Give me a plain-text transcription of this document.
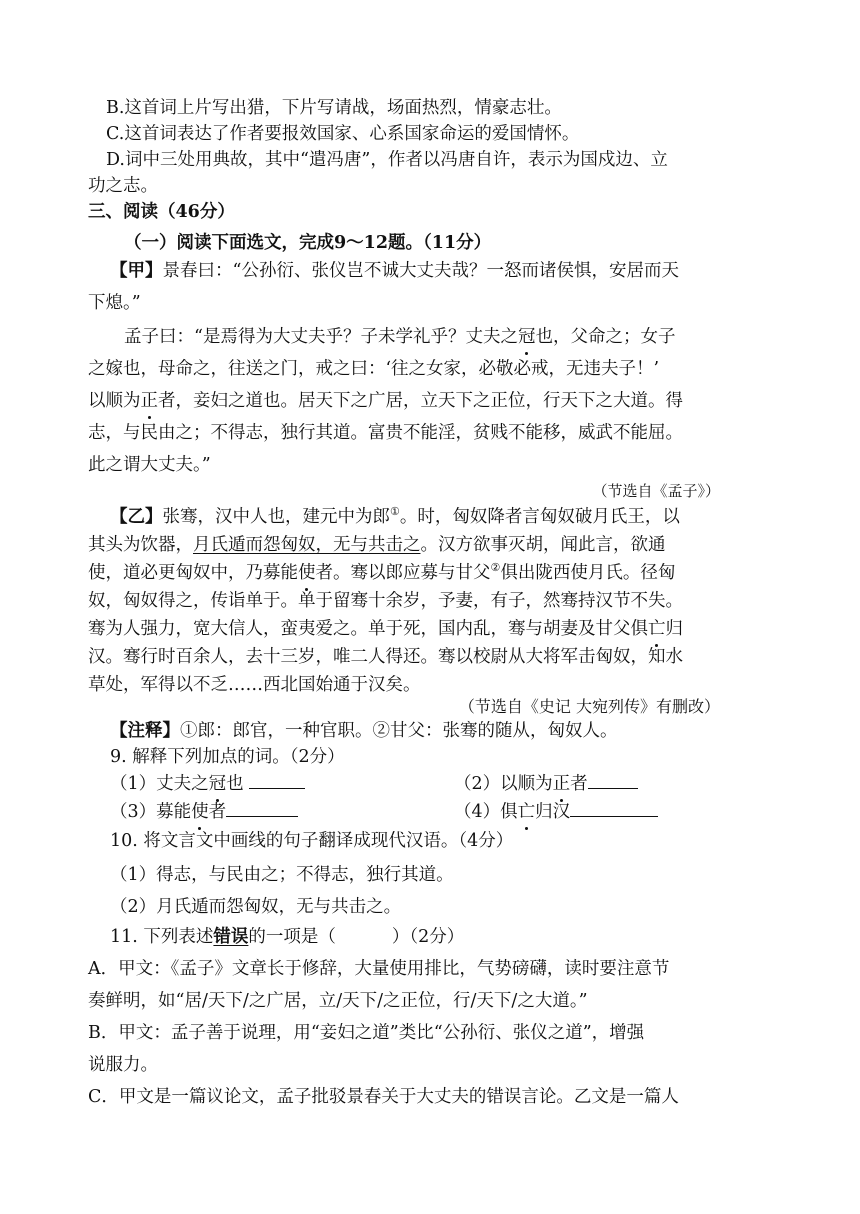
B.这首词上片写出猎，下片写请战，场面热烈，情豪志壮。
C.这首词表达了作者要报效国家、心系国家命运的爱国情怀。
D.词中三处用典故，其中“遣冯唐”，作者以冯唐自许，表示为国戍边、立
功之志。
三、阅读（46分）
（一）阅读下面选文，完成9～12题。（11分）
【甲】景春曰：“公孙衍、张仪岂不诚大丈夫哉？一怒而诸侯惧，安居而天
下熄。”
孟子曰：“是焉得为大丈夫乎？子未学礼乎？丈夫之冠也，父命之；女子
之嫁也，母命之，往送之门，戒之曰：‘往之女家，必敬必戒，无违夫子！’
以顺为正者，妾妇之道也。居天下之广居，立天下之正位，行天下之大道。得
志，与民由之；不得志，独行其道。富贵不能淫，贫贱不能移，威武不能屈。
此之谓大丈夫。”
（节选自《孟子》）
【乙】张骞，汉中人也，建元中为郎①。时，匈奴降者言匈奴破月氏王，以
其头为饮器，月氏遁而怨匈奴，无与共击之。汉方欲事灭胡，闻此言，欲通
使，道必更匈奴中，乃募能使者。骞以郎应募与甘父②俱出陇西使月氏。径匈
奴，匈奴得之，传诣单于。单于留骞十余岁，予妻，有子，然骞持汉节不失。
骞为人强力，宽大信人，蛮夷爱之。单于死，国内乱，骞与胡妻及甘父俱亡归
汉。骞行时百余人，去十三岁，唯二人得还。骞以校尉从大将军击匈奴，知水
草处，军得以不乏……西北国始通于汉矣。
（节选自《史记 大宛列传》有删改）
【注释】①郎：郎官，一种官职。②甘父：张骞的随从，匈奴人。
9. 解释下列加点的词。（2分）
（1）丈夫之冠也	（2）以顺为正者
（3）募能使者	（4）俱亡归汉
10. 将文言文中画线的句子翻译成现代汉语。（4分）
（1）得志，与民由之；不得志，独行其道。
（2）月氏遁而怨匈奴，无与共击之。
11. 下列表述错误的一项是（	）（2分）
A．甲文：《孟子》文章长于修辞，大量使用排比，气势磅礴，读时要注意节
奏鲜明，如“居/天下/之广居，立/天下/之正位，行/天下/之大道。”
B．甲文：孟子善于说理，用“妾妇之道”类比“公孙衍、张仪之道”，增强
说服力。
C．甲文是一篇议论文，孟子批驳景春关于大丈夫的错误言论。乙文是一篇人
